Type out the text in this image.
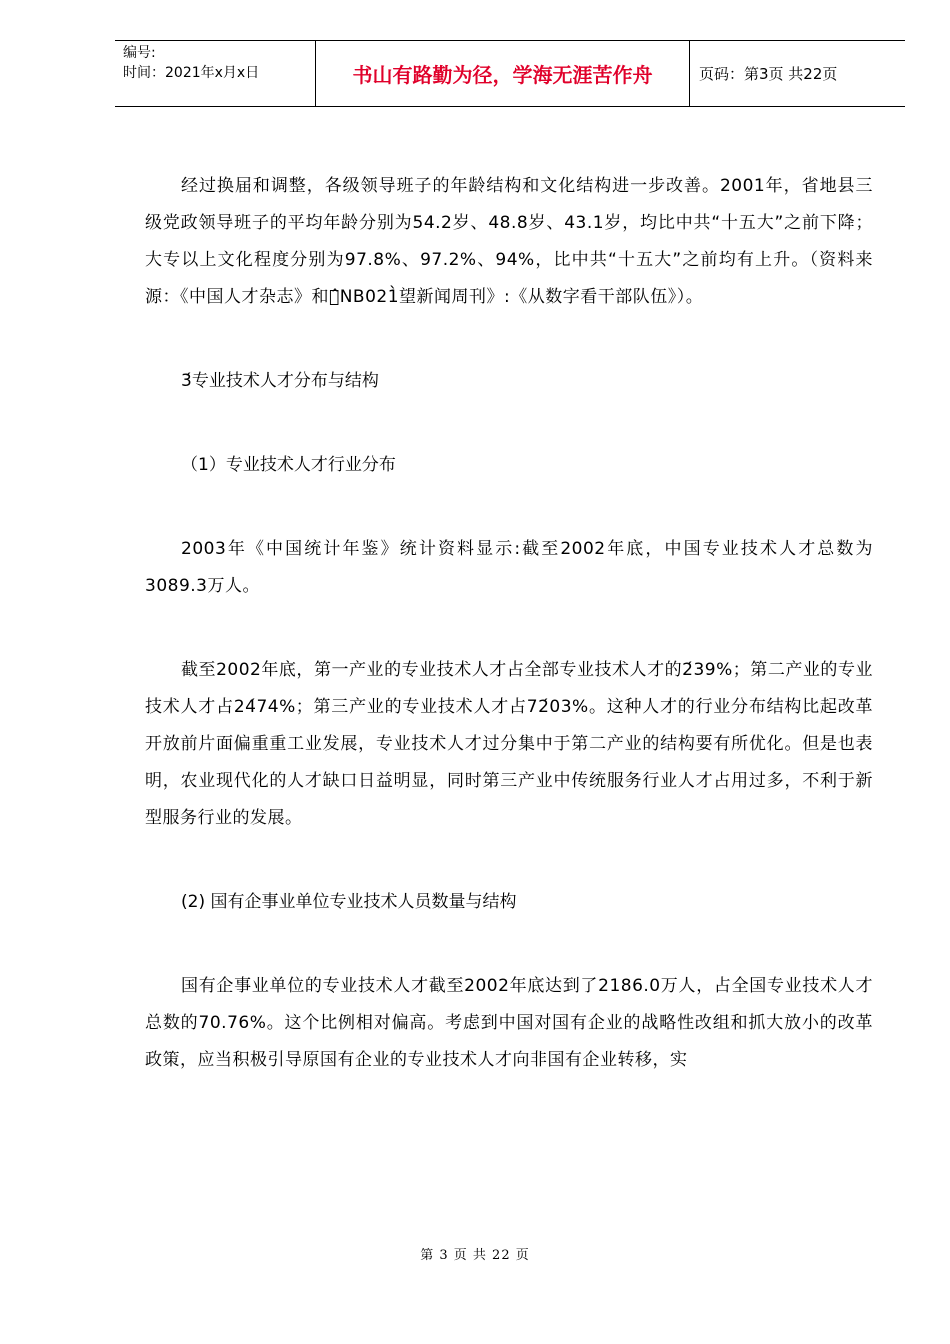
编号:
时间：2021年x月x日	书山有路勤为径，学海无涯苦作舟	页码：第3页 共22页

经过换届和调整，各级领导班子的年龄结构和文化结构进一步改善。2001年，省地县三级党政领导班子的平均年龄分别为54.2岁、48.8岁、43.1岁，均比中共“十五大”之前下降；大专以上文化程度分别为97.8%、97.2%、94%，比中共“十五大”之前均有上升。（资料来源：《中国人才杂志》和《̂NB021̀望新闻周刊》:《从数字看干部队伍》）。

3́专业技术人才分布与结构

（1）专业技术人才行业分布

2003年《中国统计年鉴》统计资料显示:截至2002年底，中国专业技术人才总数为3089.3万人。

截至2002年底，第一产业的专业技术人才占全部专业技术人才的2́39%；第二产业的专业技术人才占24́74%；第三产业的专业技术人才占72́03%。这种人才的行业分布结构比起改革开放前片面偏重重工业发展，专业技术人才过分集中于第二产业的结构要有所优化。但是也表明，农业现代化的人才缺口日益明显，同时第三产业中传统服务行业人才占用过多，不利于新型服务行业的发展。

(2) 国有企事业单位专业技术人员数量与结构

国有企事业单位的专业技术人才截至2002年底达到了2186.0万人，占全国专业技术人才总数的70.76%。这个比例相对偏高。考虑到中国对国有企业的战略性改组和抓大放小的改革政策，应当积极引导原国有企业的专业技术人才向非国有企业转移，实

第 3 页 共 22 页
